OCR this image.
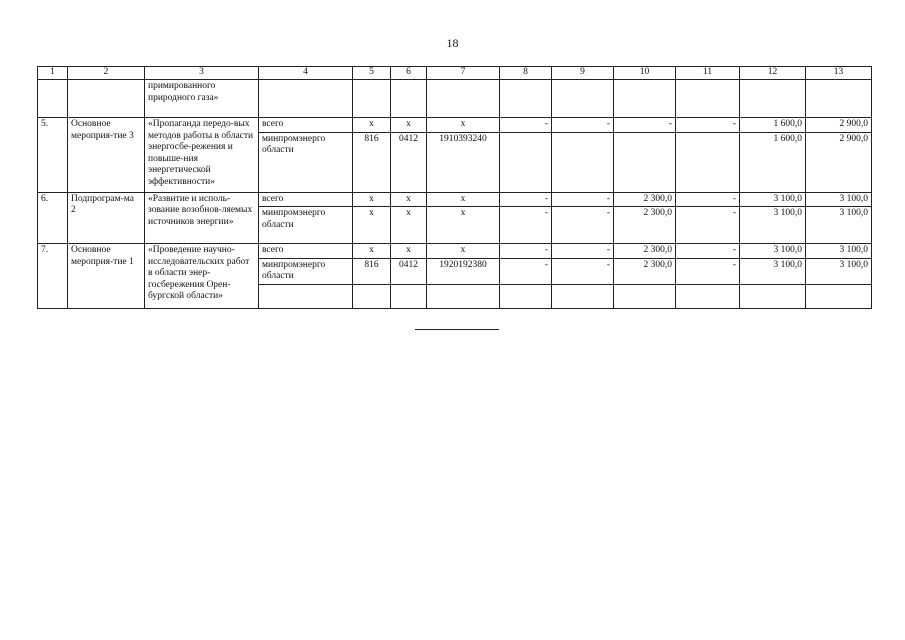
18
1	2	3	4	5	6	7	8	9	10	11	12	13
		примированного природного газа»										
5.	Основное мероприя-тие 3	«Пропаганда передо-вых методов работы в области энергосбе-режения и повыше-ния энергетической эффективности»	всего	х	х	х	-	-	-	-	1 600,0	2 900,0
			минпромэнерго области	816	0412	1910393240					1 600,0	2 900,0
6.	Подпрограм-ма 2	«Развитие и исполь-зование возобнов-ляемых источников энергии»	всего	х	х	х	-	-	2 300,0	-	3 100,0	3 100,0
			минпромэнерго области	х	х	х	-	-	2 300,0	-	3 100,0	3 100,0
7.	Основное мероприя-тие 1	«Проведение научно-исследовательских работ в области энер-госбережения Орен-бургской области»	всего	х	х	х	-	-	2 300,0	-	3 100,0	3 100,0
			минпромэнерго области	816	0412	1920192380	-	-	2 300,0	-	3 100,0	3 100,0
